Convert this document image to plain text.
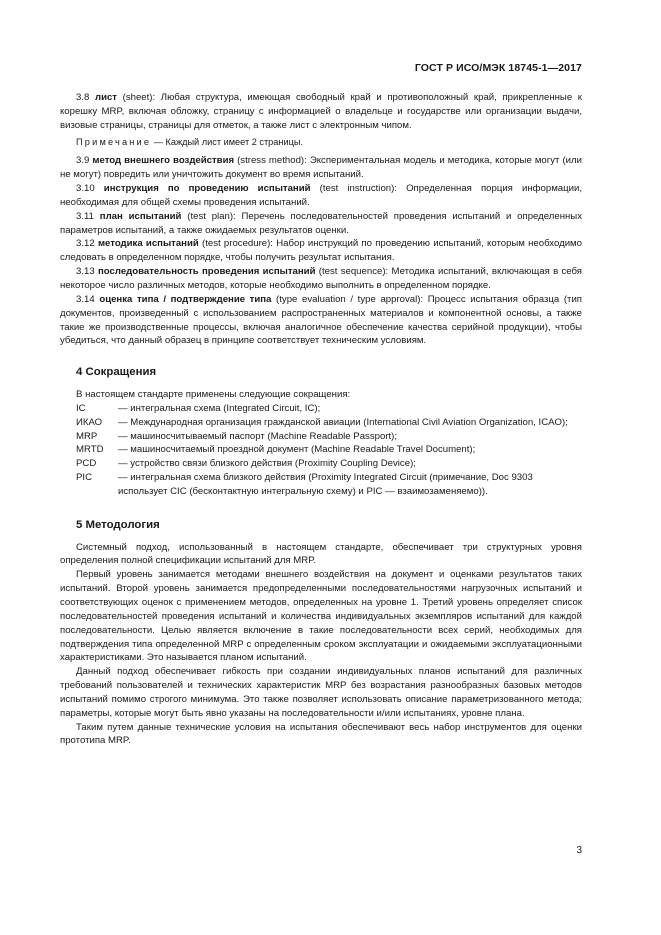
ГОСТ Р ИСО/МЭК 18745-1—2017

3.8 лист (sheet): Любая структура, имеющая свободный край и противоположный край, прикрепленные к корешку MRP, включая обложку, страницу с информацией о владельце и государстве или организации выдачи, визовые страницы, страницы для отметок, а также лист с электронным чипом.

Примечание — Каждый лист имеет 2 страницы.

3.9 метод внешнего воздействия (stress method): Экспериментальная модель и методика, которые могут (или не могут) повредить или уничтожить документ во время испытаний.

3.10 инструкция по проведению испытаний (test instruction): Определенная порция информации, необходимая для общей схемы проведения испытаний.

3.11 план испытаний (test plan): Перечень последовательностей проведения испытаний и определенных параметров испытаний, а также ожидаемых результатов оценки.

3.12 методика испытаний (test procedure): Набор инструкций по проведению испытаний, которым необходимо следовать в определенном порядке, чтобы получить результат испытания.

3.13 последовательность проведения испытаний (test sequence): Методика испытаний, включающая в себя некоторое число различных методов, которые необходимо выполнить в определенном порядке.

3.14 оценка типа / подтверждение типа (type evaluation / type approval): Процесс испытания образца (тип документов, произведенный с использованием распространенных материалов и компонентной основы, а также такие же производственные процессы, включая аналогичное обеспечение качества серийной продукции), чтобы убедиться, что данный образец в принципе соответствует техническим условиям.

4 Сокращения

В настоящем стандарте применены следующие сокращения:

IC	— интегральная схема (Integrated Circuit, IC);
ИКАО	— Международная организация гражданской авиации (International Civil Aviation Organization, ICAO);
MRP	— машиносчитываемый паспорт (Machine Readable Passport);
MRTD	— машиносчитаемый проездной документ (Machine Readable Travel Document);
PCD	— устройство связи близкого действия (Proximity Coupling Device);
PIC	— интегральная схема близкого действия (Proximity Integrated Circuit (примечание, Doc 9303 использует CIC (бесконтактную интегральную схему) и PIC — взаимозаменяемо)).
5 Методология

Системный подход, использованный в настоящем стандарте, обеспечивает три структурных уровня определения полной спецификации испытаний для MRP.

Первый уровень занимается методами внешнего воздействия на документ и оценками результатов таких испытаний. Второй уровень занимается предопределенными последовательностями нагрузочных испытаний и соответствующих оценок с применением методов, определенных на уровне 1. Третий уровень определяет список последовательностей проведения испытаний и количества индивидуальных экземпляров испытаний для каждой последовательности. Целью является включение в такие последовательности всех серий, необходимых для подтверждения типа определенной MRP с определенным сроком эксплуатации и ожидаемыми эксплуатационными характеристиками. Это называется планом испытаний.

Данный подход обеспечивает гибкость при создании индивидуальных планов испытаний для различных требований пользователей и технических характеристик MRP без возрастания разнообразных базовых методов испытаний помимо строгого минимума. Это также позволяет использовать описание параметризованного метода; параметры, которые могут быть явно указаны на последовательности и/или испытаниях, уровне плана.

Таким путем данные технические условия на испытания обеспечивают весь набор инструментов для оценки прототипа MRP.

3
